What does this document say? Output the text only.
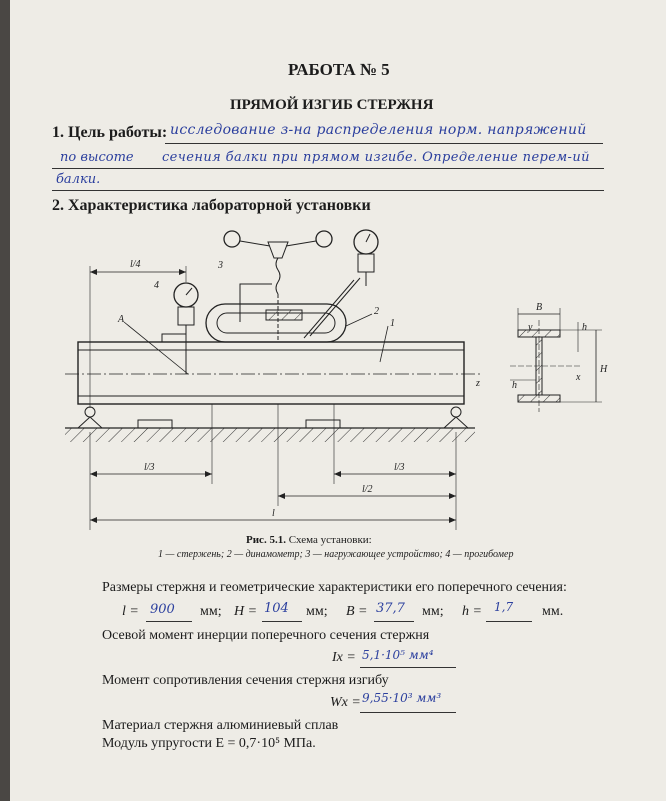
РАБОТА № 5
ПРЯМОЙ ИЗГИБ СТЕРЖНЯ
1. Цель работы: исследование з-на распределения норм. напряжений
по высоте сечения балки при прямом изгибе. Определение перем-ий
балки.
2. Характеристика лабораторной установки
l/4
4
3
A
2
1
z
l/3	l/3
l/2
l
B
y	h
h
x
H
Рис. 5.1. Схема установки:
1 — стержень; 2 — динамометр; 3 — нагружающее устройство; 4 — прогибомер
Размеры стержня и геометрические характеристики его поперечного сечения:
l = 900 мм; H = 104 мм; B = 37,7 мм; h = 1,7 мм.
Осевой момент инерции поперечного сечения стержня
Ix = 5,1·10⁵ мм⁴
Момент сопротивления сечения стержня изгибу
Wx = 9,55·10³ мм³
Материал стержня алюминиевый сплав
Модуль упругости E = 0,7·10⁵ МПа.
